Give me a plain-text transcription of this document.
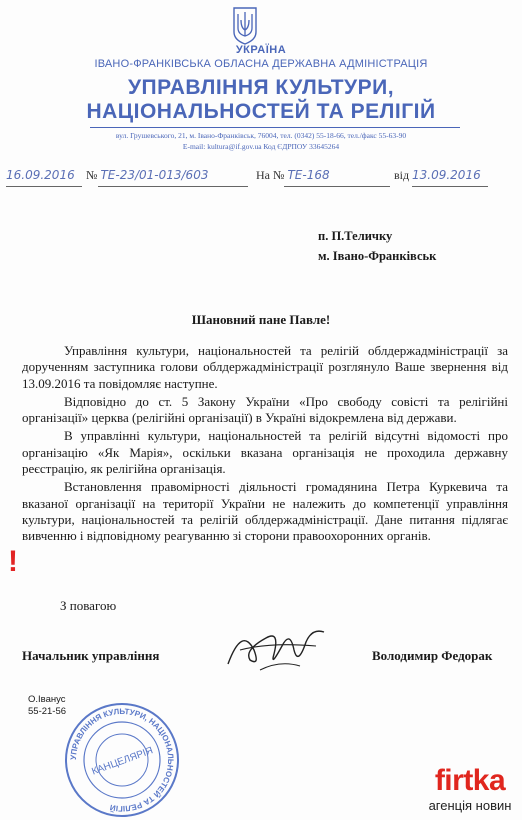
УКРАЇНА
ІВАНО-ФРАНКІВСЬКА ОБЛАСНА ДЕРЖАВНА АДМІНІСТРАЦІЯ
УПРАВЛІННЯ КУЛЬТУРИ,
НАЦІОНАЛЬНОСТЕЙ ТА РЕЛІГІЙ
вул. Грушевського, 21, м. Івано-Франківськ, 76004, тел. (0342) 55-18-66, тел./факс 55-63-90
E-mail: kultura@if.gov.ua Код ЄДРПОУ 33645264
16.09.2016 № ТЕ-23/01-013/603	На № ТЕ-168	від 13.09.2016
п. П.Теличку
м. Івано-Франківськ
Шановний пане Павле!

Управління культури, національностей та релігій облдержадміністрації за дорученням заступника голови облдержадміністрації розглянуло Ваше звернення від 13.09.2016 та повідомляє наступне.

Відповідно до ст. 5 Закону України «Про свободу совісті та релігійні організації» церква (релігійні організації) в Україні відокремлена від держави.

В управлінні культури, національностей та релігій відсутні відомості про організацію «Як Марія», оскільки вказана організація не проходила державну реєстрацію, як релігійна організація.

Встановлення правомірності діяльності громадянина Петра Куркевича та вказаної організації на території України не належить до компетенції управління культури, національностей та релігій облдержадміністрації. Дане питання підлягає вивченню і відповідному реагуванню зі сторони правоохоронних органів.

!
З повагою
Начальник управління	Володимир Федорак
О.Іванус
55-21-56
УПРАВЛІННЯ КУЛЬТУРИ, НАЦІОНАЛЬНОСТЕЙ ТА РЕЛІГІЙ
КАНЦЕЛЯРІЯ
firtka
агенція новин
